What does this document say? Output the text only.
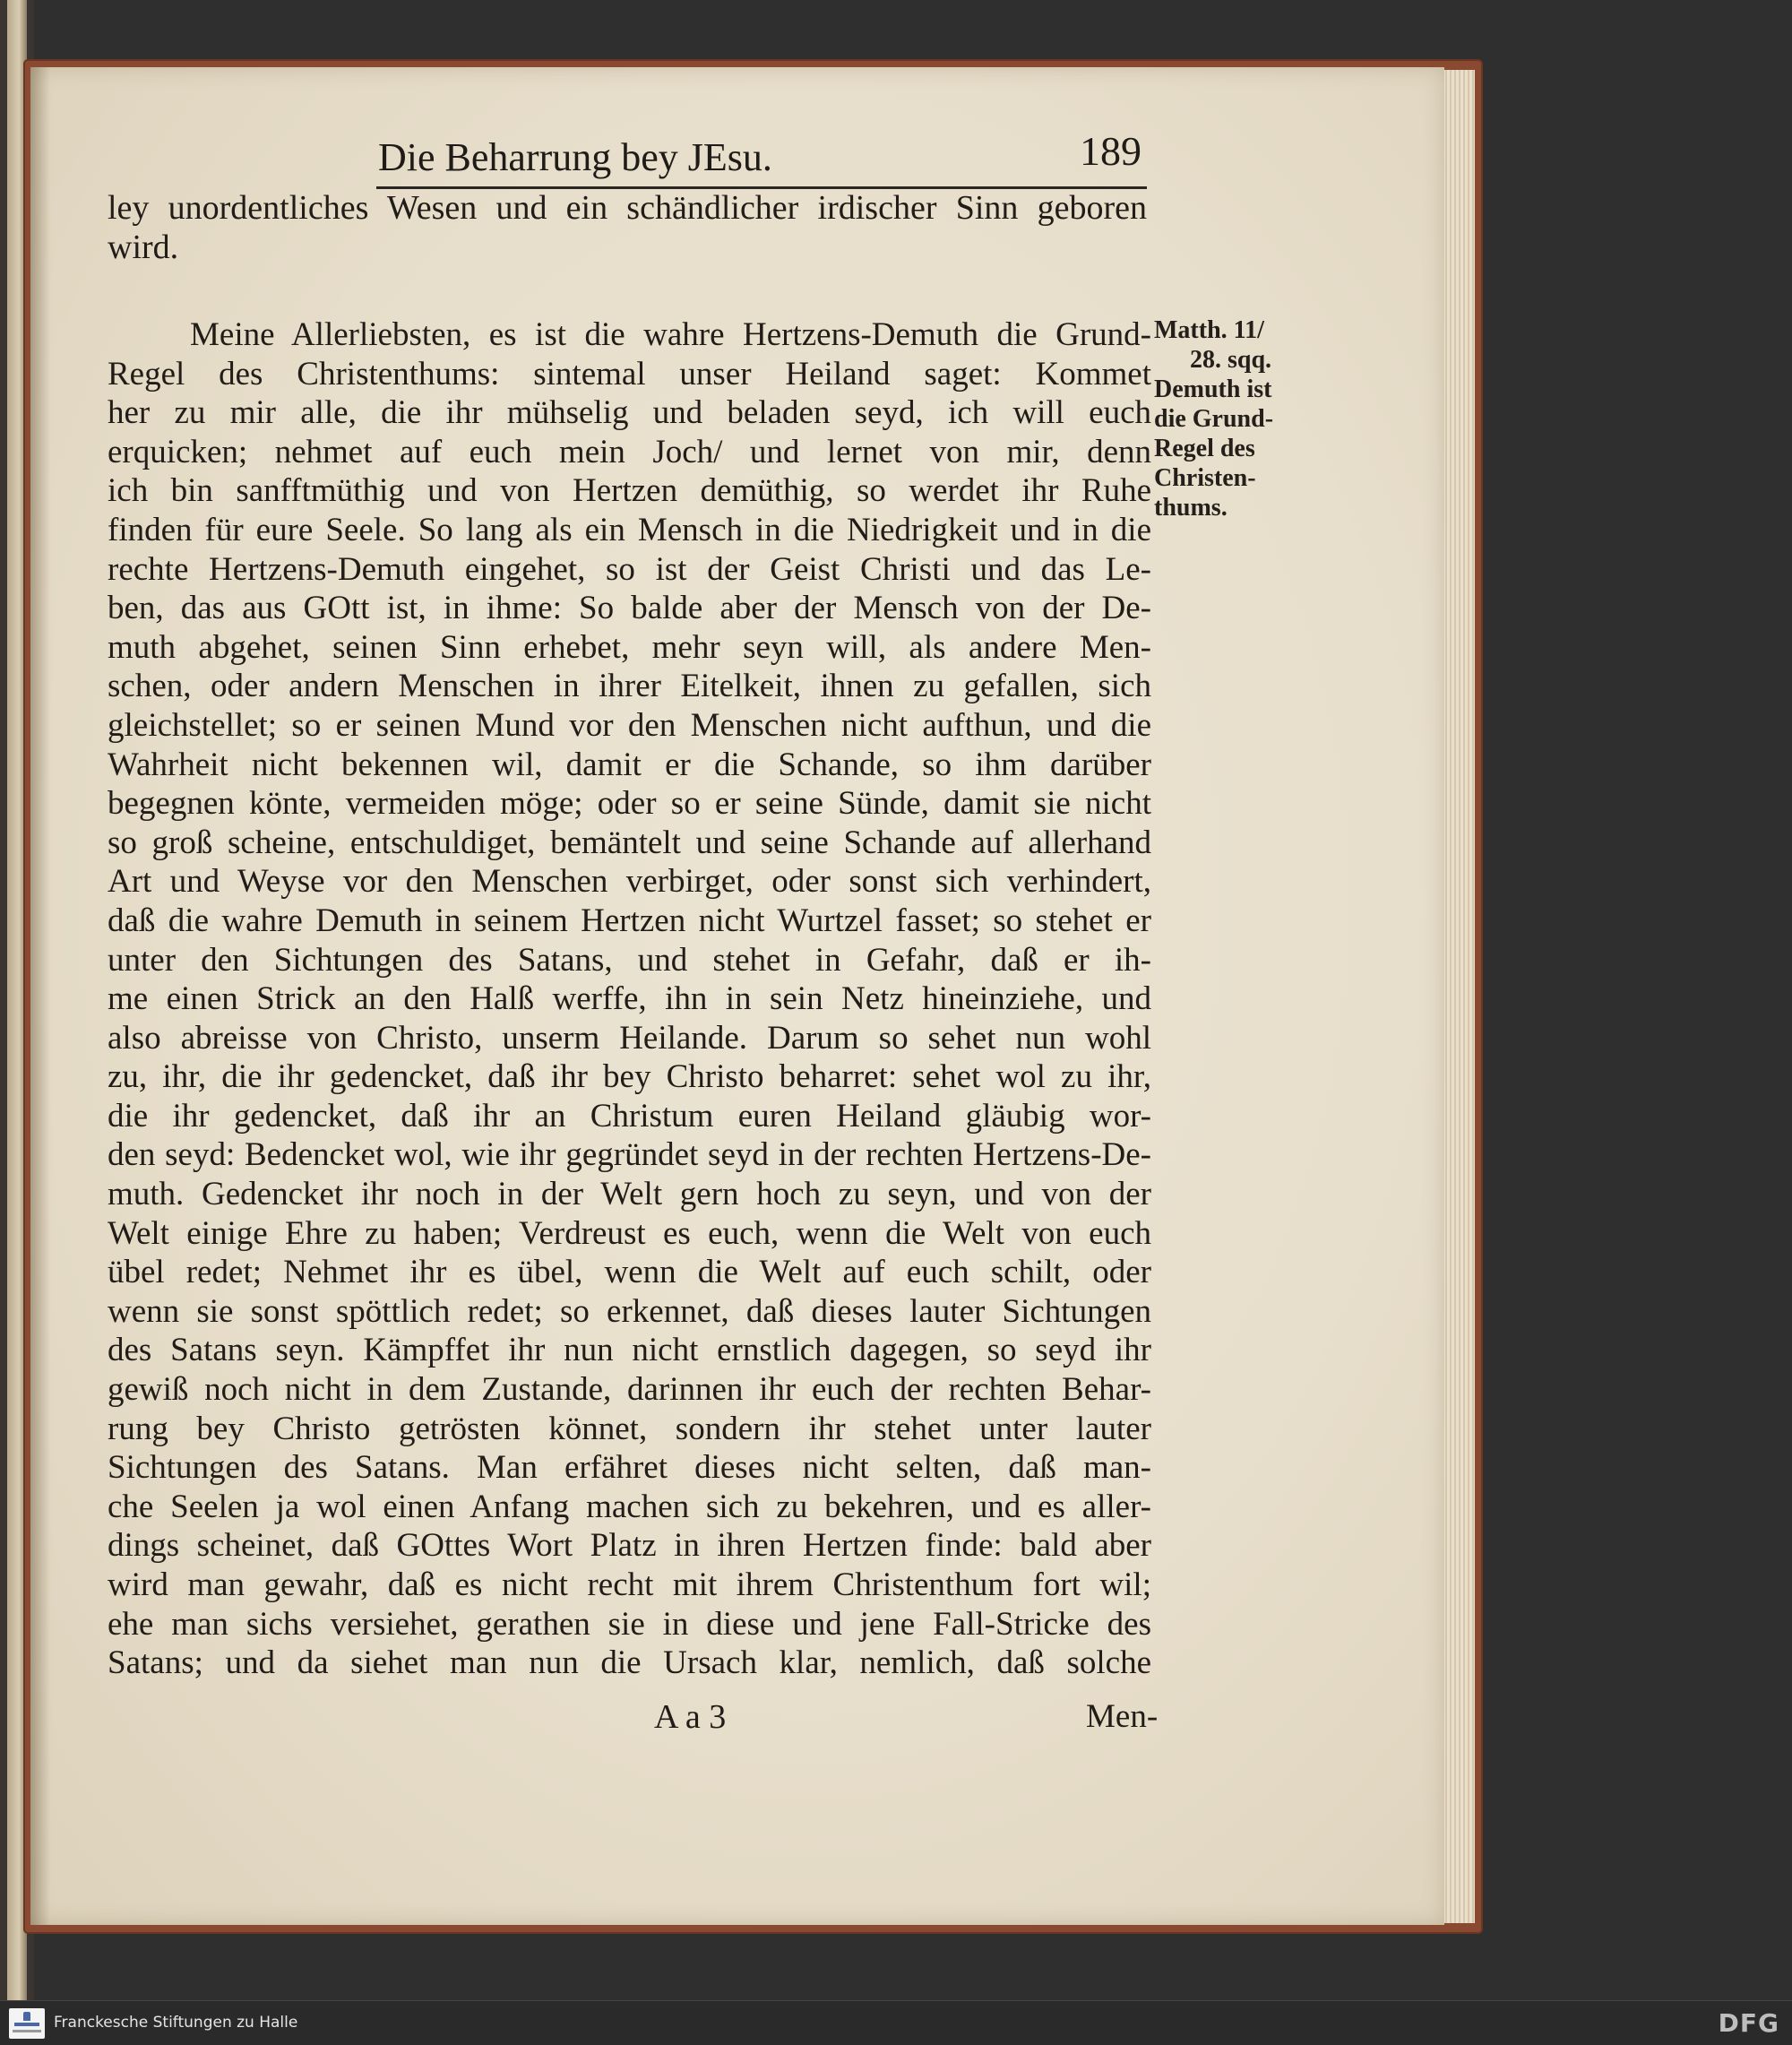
Die Beharrung bey JEsu.	189
ley unordentliches Wesen und ein schändlicher irdischer Sinn geboren
wird.
Meine Allerliebsten, es ist die wahre Hertzens-Demuth die Grund-
Regel des Christenthums: sintemal unser Heiland saget: Kommet
her zu mir alle, die ihr mühselig und beladen seyd, ich will euch
erquicken; nehmet auf euch mein Joch/ und lernet von mir, denn
ich bin sanfftmüthig und von Hertzen demüthig, so werdet ihr Ruhe
finden für eure Seele. So lang als ein Mensch in die Niedrigkeit und in die
rechte Hertzens-Demuth eingehet, so ist der Geist Christi und das Le-
ben, das aus GOtt ist, in ihme: So balde aber der Mensch von der De-
muth abgehet, seinen Sinn erhebet, mehr seyn will, als andere Men-
schen, oder andern Menschen in ihrer Eitelkeit, ihnen zu gefallen, sich
gleichstellet; so er seinen Mund vor den Menschen nicht aufthun, und die
Wahrheit nicht bekennen wil, damit er die Schande, so ihm darüber
begegnen könte, vermeiden möge; oder so er seine Sünde, damit sie nicht
so groß scheine, entschuldiget, bemäntelt und seine Schande auf allerhand
Art und Weyse vor den Menschen verbirget, oder sonst sich verhindert,
daß die wahre Demuth in seinem Hertzen nicht Wurtzel fasset; so stehet er
unter den Sichtungen des Satans, und stehet in Gefahr, daß er ih-
me einen Strick an den Halß werffe, ihn in sein Netz hineinziehe, und
also abreisse von Christo, unserm Heilande. Darum so sehet nun wohl
zu, ihr, die ihr gedencket, daß ihr bey Christo beharret: sehet wol zu ihr,
die ihr gedencket, daß ihr an Christum euren Heiland gläubig wor-
den seyd: Bedencket wol, wie ihr gegründet seyd in der rechten Hertzens-De-
muth. Gedencket ihr noch in der Welt gern hoch zu seyn, und von der
Welt einige Ehre zu haben; Verdreust es euch, wenn die Welt von euch
übel redet; Nehmet ihr es übel, wenn die Welt auf euch schilt, oder
wenn sie sonst spöttlich redet; so erkennet, daß dieses lauter Sichtungen
des Satans seyn. Kämpffet ihr nun nicht ernstlich dagegen, so seyd ihr
gewiß noch nicht in dem Zustande, darinnen ihr euch der rechten Behar-
rung bey Christo getrösten könnet, sondern ihr stehet unter lauter
Sichtungen des Satans. Man erfähret dieses nicht selten, daß man-
che Seelen ja wol einen Anfang machen sich zu bekehren, und es aller-
dings scheinet, daß GOttes Wort Platz in ihren Hertzen finde: bald aber
wird man gewahr, daß es nicht recht mit ihrem Christenthum fort wil;
ehe man sichs versiehet, gerathen sie in diese und jene Fall-Stricke des
Satans; und da siehet man nun die Ursach klar, nemlich, daß solche
Matth. 11/
28. sqq.
Demuth ist
die Grund-
Regel des
Christen-
thums.
A a 3	Men-
Franckesche Stiftungen zu Halle	DFG
